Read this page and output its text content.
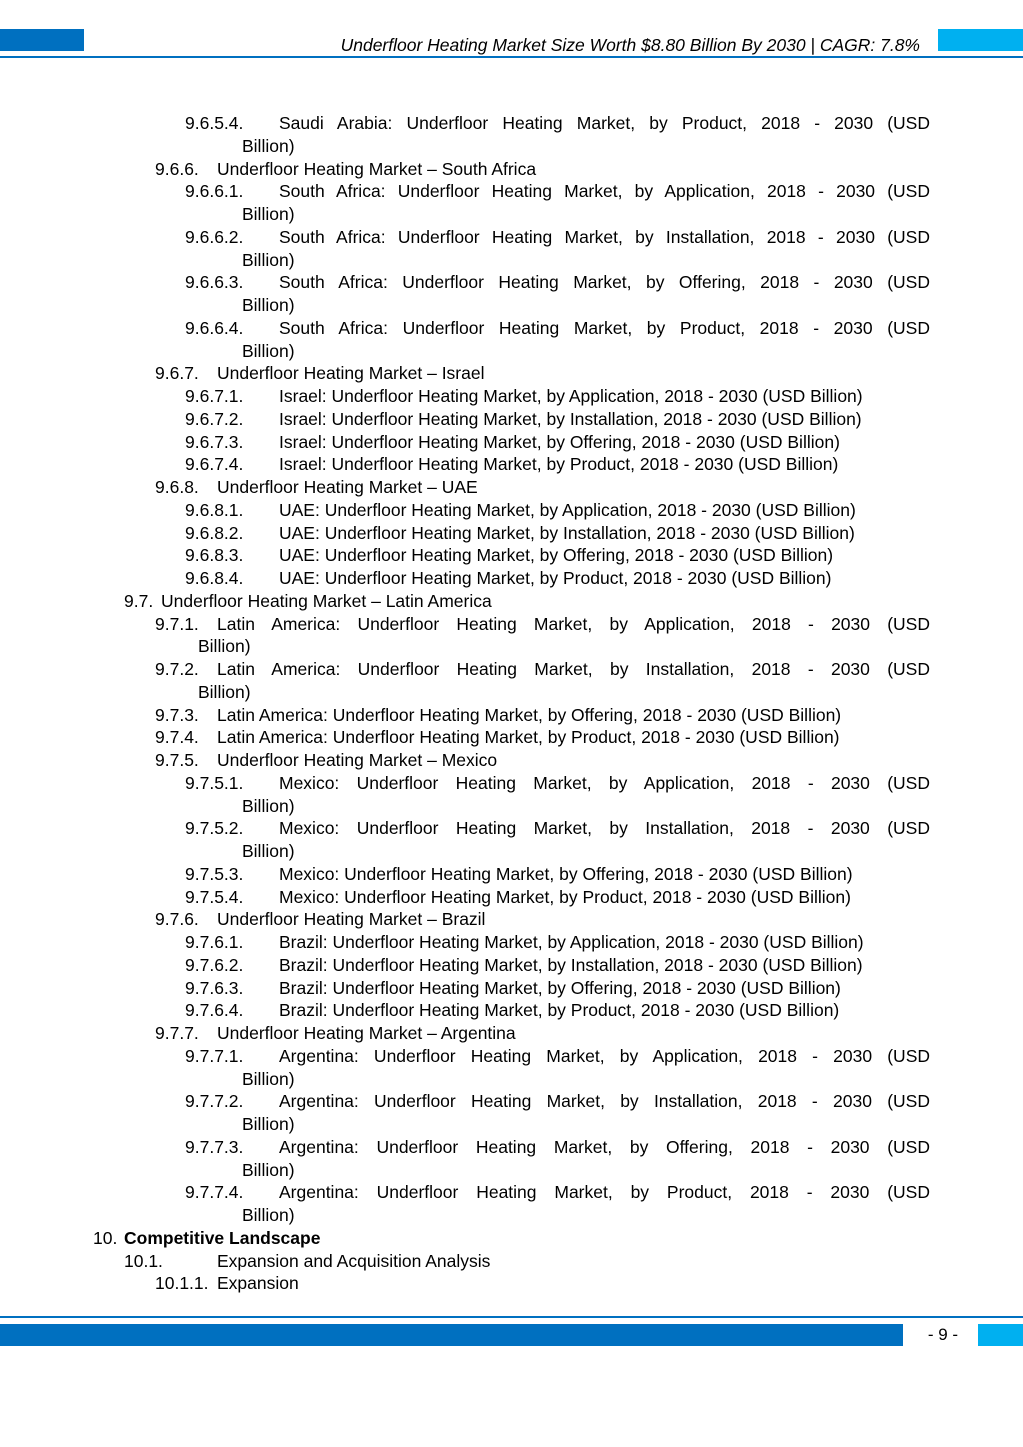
Underfloor Heating Market Size Worth $8.80 Billion By 2030 | CAGR: 7.8%
9.6.5.4. Saudi Arabia: Underfloor Heating Market, by Product, 2018 - 2030 (USD
Billion)
9.6.6. Underfloor Heating Market – South Africa
9.6.6.1. South Africa: Underfloor Heating Market, by Application, 2018 - 2030 (USD
Billion)
9.6.6.2. South Africa: Underfloor Heating Market, by Installation, 2018 - 2030 (USD
Billion)
9.6.6.3. South Africa: Underfloor Heating Market, by Offering, 2018 - 2030 (USD
Billion)
9.6.6.4. South Africa: Underfloor Heating Market, by Product, 2018 - 2030 (USD
Billion)
9.6.7. Underfloor Heating Market – Israel
9.6.7.1. Israel: Underfloor Heating Market, by Application, 2018 - 2030 (USD Billion)
9.6.7.2. Israel: Underfloor Heating Market, by Installation, 2018 - 2030 (USD Billion)
9.6.7.3. Israel: Underfloor Heating Market, by Offering, 2018 - 2030 (USD Billion)
9.6.7.4. Israel: Underfloor Heating Market, by Product, 2018 - 2030 (USD Billion)
9.6.8. Underfloor Heating Market – UAE
9.6.8.1. UAE: Underfloor Heating Market, by Application, 2018 - 2030 (USD Billion)
9.6.8.2. UAE: Underfloor Heating Market, by Installation, 2018 - 2030 (USD Billion)
9.6.8.3. UAE: Underfloor Heating Market, by Offering, 2018 - 2030 (USD Billion)
9.6.8.4. UAE: Underfloor Heating Market, by Product, 2018 - 2030 (USD Billion)
9.7. Underfloor Heating Market – Latin America
9.7.1. Latin America: Underfloor Heating Market, by Application, 2018 - 2030 (USD
Billion)
9.7.2. Latin America: Underfloor Heating Market, by Installation, 2018 - 2030 (USD
Billion)
9.7.3. Latin America: Underfloor Heating Market, by Offering, 2018 - 2030 (USD Billion)
9.7.4. Latin America: Underfloor Heating Market, by Product, 2018 - 2030 (USD Billion)
9.7.5. Underfloor Heating Market – Mexico
9.7.5.1. Mexico: Underfloor Heating Market, by Application, 2018 - 2030 (USD
Billion)
9.7.5.2. Mexico: Underfloor Heating Market, by Installation, 2018 - 2030 (USD
Billion)
9.7.5.3. Mexico: Underfloor Heating Market, by Offering, 2018 - 2030 (USD Billion)
9.7.5.4. Mexico: Underfloor Heating Market, by Product, 2018 - 2030 (USD Billion)
9.7.6. Underfloor Heating Market – Brazil
9.7.6.1. Brazil: Underfloor Heating Market, by Application, 2018 - 2030 (USD Billion)
9.7.6.2. Brazil: Underfloor Heating Market, by Installation, 2018 - 2030 (USD Billion)
9.7.6.3. Brazil: Underfloor Heating Market, by Offering, 2018 - 2030 (USD Billion)
9.7.6.4. Brazil: Underfloor Heating Market, by Product, 2018 - 2030 (USD Billion)
9.7.7. Underfloor Heating Market – Argentina
9.7.7.1. Argentina: Underfloor Heating Market, by Application, 2018 - 2030 (USD
Billion)
9.7.7.2. Argentina: Underfloor Heating Market, by Installation, 2018 - 2030 (USD
Billion)
9.7.7.3. Argentina: Underfloor Heating Market, by Offering, 2018 - 2030 (USD
Billion)
9.7.7.4. Argentina: Underfloor Heating Market, by Product, 2018 - 2030 (USD
Billion)
10. Competitive Landscape
10.1.	Expansion and Acquisition Analysis
10.1.1. Expansion
- 9 -
